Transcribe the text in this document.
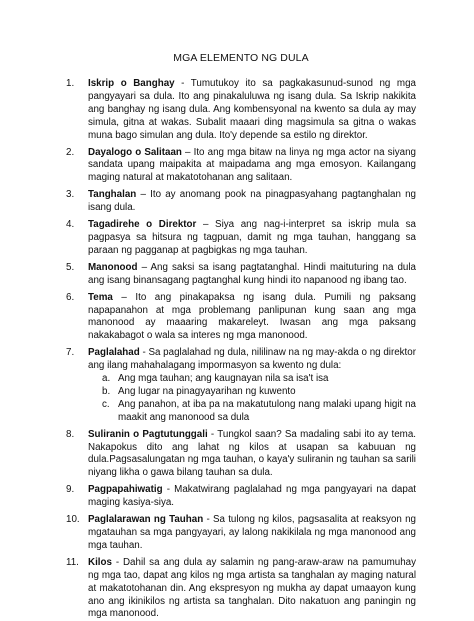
MGA ELEMENTO NG DULA
1.	Iskrip o Banghay - Tumutukoy ito sa pagkakasunud-sunod ng mga pangyayari sa dula. Ito ang pinakaluluwa ng isang dula. Sa Iskrip nakikita ang banghay ng isang dula. Ang kombensyonal na kwento sa dula ay may simula, gitna at wakas. Subalit maaari ding magsimula sa gitna o wakas muna bago simulan ang dula. Ito'y depende sa estilo ng direktor.
2.	Dayalogo o Salitaan – Ito ang mga bitaw na linya ng mga actor na siyang sandata upang maipakita at maipadama ang mga emosyon. Kailangang maging natural at makatotohanan ang salitaan.
3.	Tanghalan – Ito ay anomang pook na pinagpasyahang pagtanghalan ng isang dula.
4.	Tagadirehe o Direktor – Siya ang nag-i-interpret sa iskrip mula sa pagpasya sa hitsura ng tagpuan, damit ng mga tauhan, hanggang sa paraan ng pagganap at pagbigkas ng mga tauhan.
5.	Manonood – Ang saksi sa isang pagtatanghal. Hindi maituturing na dula ang isang binansagang pagtanghal kung hindi ito napanood ng ibang tao.
6.	Tema – Ito ang pinakapaksa ng isang dula. Pumili ng paksang napapanahon at mga problemang panlipunan kung saan ang mga manonood ay maaaring makareleyt. Iwasan ang mga paksang nakakabagot o wala sa interes ng mga manonood.
7.	Paglalahad - Sa paglalahad ng dula, nililinaw na ng may-akda o ng direktor ang ilang mahahalagang impormasyon sa kwento ng dula:
a. Ang mga tauhan; ang kaugnayan nila sa isa't isa
b. Ang lugar na pinagyayarihan ng kuwento
c. Ang panahon, at iba pa na makatutulong nang malaki upang higit na maakit ang manonood sa dula
8.	Suliranin o Pagtutunggali - Tungkol saan? Sa madaling sabi ito ay tema. Nakapokus dito ang lahat ng kilos at usapan sa kabuuan ng dula.Pagsasalungatan ng mga tauhan, o kaya'y suliranin ng tauhan sa sarili niyang likha o gawa bilang tauhan sa dula.
9.	Pagpapahiwatig - Makatwirang paglalahad ng mga pangyayari na dapat maging kasiya-siya.
10. Paglalarawan ng Tauhan - Sa tulong ng kilos, pagsasalita at reaksyon ng mgatauhan sa mga pangyayari, ay lalong nakikilala ng mga manonood ang mga tauhan.
11. Kilos - Dahil sa ang dula ay salamin ng pang-araw-araw na pamumuhay ng mga tao, dapat ang kilos ng mga artista sa tanghalan ay maging natural at makatotohanan din. Ang ekspresyon ng mukha ay dapat umaayon kung ano ang ikinikilos ng artista sa tanghalan. Dito nakatuon ang paningin ng mga manonood.
